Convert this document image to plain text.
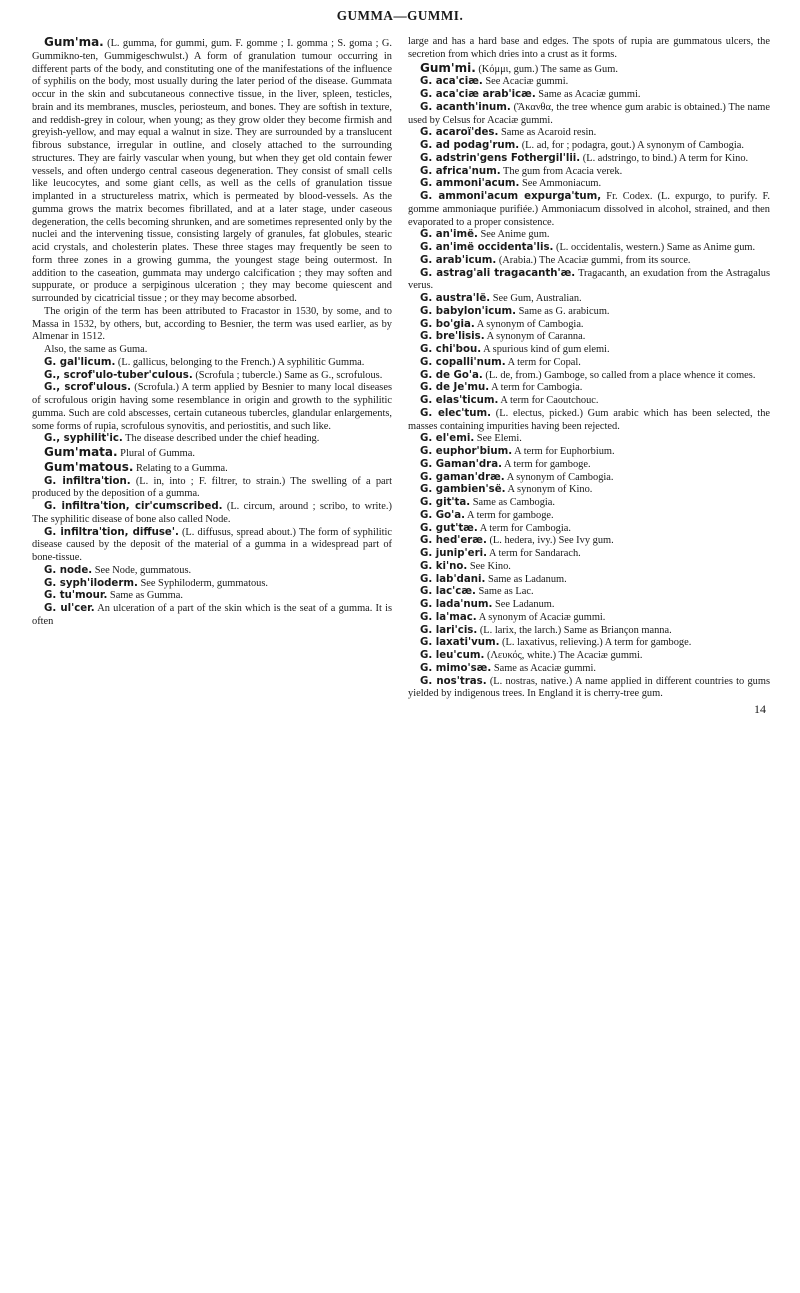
GUMMA—GUMMI.

Gum'ma. (L. gumma, for gummi, gum. F. gomme ; I. gomma ; S. goma ; G. Gummikno-ten, Gummigeschwulst.) A form of granulation tumour occurring in different parts of the body, and constituting one of the manifestations of the influence of syphilis on the body, most usually during the later period of the disease. Gummata occur in the skin and subcutaneous connective tissue, in the liver, spleen, testicles, brain and its membranes, muscles, periosteum, and bones. They are softish in texture, and reddish-grey in colour, when young; as they grow older they become firmish and greyish-yellow, and may equal a walnut in size. They are surrounded by a translucent fibrous substance, irregular in outline, and closely attached to the surrounding structures. They are fairly vascular when young, but when they get old contain fewer vessels, and often undergo central caseous degeneration. They consist of small cells like leucocytes, and some giant cells, as well as the cells of granulation tissue implanted in a structureless matrix, which is permeated by blood-vessels. As the gumma grows the matrix becomes fibrillated, and at a later stage, under caseous degeneration, the cells becoming shrunken, and are sometimes represented only by the nuclei and the intervening tissue, consisting largely of granules, fat globules, stearic acid crystals, and cholesterin plates. These three stages may frequently be seen to form three zones in a growing gumma, the youngest stage being outermost. In addition to the caseation, gummata may undergo calcification ; they may soften and suppurate, or produce a serpiginous ulceration ; they may become quiescent and surrounded by cicatricial tissue ; or they may become absorbed.

The origin of the term has been attributed to Fracastor in 1530, by some, and to Massa in 1532, by others, but, according to Besnier, the term was used earlier, as by Almenar in 1512.

Also, the same as Guma.

G. gal'licum. (L. gallicus, belonging to the French.) A syphilitic Gumma.

G., scrof'ulo-tuber'culous. (Scrofula ; tubercle.) Same as G., scrofulous.

G., scrof'ulous. (Scrofula.) A term applied by Besnier to many local diseases of scrofulous origin having some resemblance in origin and growth to the syphilitic gumma. Such are cold abscesses, certain cutaneous tubercles, glandular enlargements, some forms of rupia, scrofulous synovitis, and periostitis, and such like.

G., syphilit'ic. The disease described under the chief heading.

Gum'mata. Plural of Gumma.

Gum'matous. Relating to a Gumma.

G. infiltra'tion. (L. in, into ; F. filtrer, to strain.) The swelling of a part produced by the deposition of a gumma.

G. infiltra'tion, cir'cumscribed. (L. circum, around ; scribo, to write.) The syphilitic disease of bone also called Node.

G. infiltra'tion, diffuse'. (L. diffusus, spread about.) The form of syphilitic disease caused by the deposit of the material of a gumma in a widespread part of bone-tissue.

G. node. See Node, gummatous.

G. syph'iloderm. See Syphiloderm, gummatous.

G. tu'mour. Same as Gumma.

G. ul'cer. An ulceration of a part of the skin which is the seat of a gumma. It is often

large and has a hard base and edges. The spots of rupia are gummatous ulcers, the secretion from which dries into a crust as it forms.

Gum'mi. (Κόμμι, gum.) The same as Gum.

G. aca'ciæ. See Acaciæ gummi.

G. aca'ciæ arab'icæ. Same as Acaciæ gummi.

G. acanth'inum. (Ἄκανθα, the tree whence gum arabic is obtained.) The name used by Celsus for Acaciæ gummi.

G. acaroï'des. Same as Acaroid resin.

G. ad podag'rum. (L. ad, for ; podagra, gout.) A synonym of Cambogia.

G. adstrin'gens Fothergil'lii. (L. adstringo, to bind.) A term for Kino.

G. africa'num. The gum from Acacia verek.

G. ammoni'acum. See Ammoniacum.

G. ammoni'acum expurga'tum, Fr. Codex. (L. expurgo, to purify. F. gomme ammoniaque purifiée.) Ammoniacum dissolved in alcohol, strained, and then evaporated to a proper consistence.

G. an'imë. See Anime gum.

G. an'imë occidenta'lis. (L. occidentalis, western.) Same as Anime gum.

G. arab'icum. (Arabia.) The Acaciæ gummi, from its source.

G. astrag'ali tragacanth'æ. Tragacanth, an exudation from the Astragalus verus.

G. austra'lë. See Gum, Australian.

G. babylon'icum. Same as G. arabicum.

G. bo'gia. A synonym of Cambogia.

G. bre'lisis. A synonym of Caranna.

G. chi'bou. A spurious kind of gum elemi.

G. copalli'num. A term for Copal.

G. de Go'a. (L. de, from.) Gamboge, so called from a place whence it comes.

G. de Je'mu. A term for Cambogia.

G. elas'ticum. A term for Caoutchouc.

G. elec'tum. (L. electus, picked.) Gum arabic which has been selected, the masses containing impurities having been rejected.

G. el'emi. See Elemi.

G. euphor'bium. A term for Euphorbium.

G. Gaman'dra. A term for gamboge.

G. gaman'dræ. A synonym of Cambogia.

G. gambien'së. A synonym of Kino.

G. git'ta. Same as Cambogia.

G. Go'a. A term for gamboge.

G. gut'tæ. A term for Cambogia.

G. hed'eræ. (L. hedera, ivy.) See Ivy gum.

G. junip'eri. A term for Sandarach.

G. ki'no. See Kino.

G. lab'dani. Same as Ladanum.

G. lac'cæ. Same as Lac.

G. lada'num. See Ladanum.

G. la'mac. A synonym of Acaciæ gummi.

G. lari'cis. (L. larix, the larch.) Same as Briançon manna.

G. laxati'vum. (L. laxativus, relieving.) A term for gamboge.

G. leu'cum. (Λευκός, white.) The Acaciæ gummi.

G. mimo'sæ. Same as Acaciæ gummi.

G. nos'tras. (L. nostras, native.) A name applied in different countries to gums yielded by indigenous trees. In England it is cherry-tree gum.

14
